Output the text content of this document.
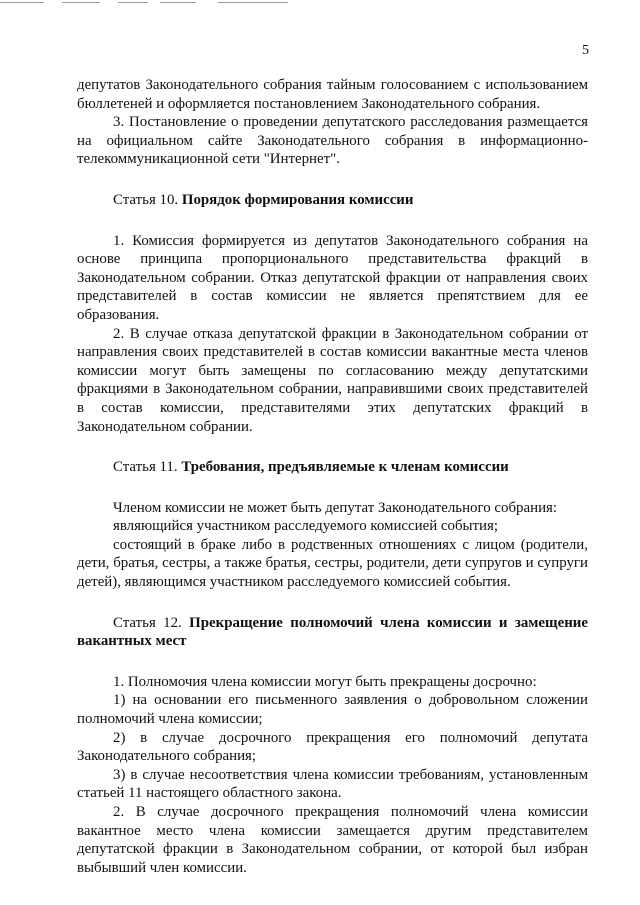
5

депутатов Законодательного собрания тайным голосованием с использованием бюллетеней и оформляется постановлением Законодательного собрания.

3. Постановление о проведении депутатского расследования размещается на официальном сайте Законодательного собрания в информационно-телекоммуникационной сети "Интернет".

Статья 10. Порядок формирования комиссии

1. Комиссия формируется из депутатов Законодательного собрания на основе принципа пропорционального представительства фракций в Законодательном собрании. Отказ депутатской фракции от направления своих представителей в состав комиссии не является препятствием для ее образования.

2. В случае отказа депутатской фракции в Законодательном собрании от направления своих представителей в состав комиссии вакантные места членов комиссии могут быть замещены по согласованию между депутатскими фракциями в Законодательном собрании, направившими своих представителей в состав комиссии, представителями этих депутатских фракций в Законодательном собрании.

Статья 11. Требования, предъявляемые к членам комиссии

Членом комиссии не может быть депутат Законодательного собрания:

являющийся участником расследуемого комиссией события;

состоящий в браке либо в родственных отношениях с лицом (родители, дети, братья, сестры, а также братья, сестры, родители, дети супругов и супруги детей), являющимся участником расследуемого комиссией события.

Статья 12. Прекращение полномочий члена комиссии и замещение вакантных мест

1. Полномочия члена комиссии могут быть прекращены досрочно:

1) на основании его письменного заявления о добровольном сложении полномочий члена комиссии;

2) в случае досрочного прекращения его полномочий депутата Законодательного собрания;

3) в случае несоответствия члена комиссии требованиям, установленным статьей 11 настоящего областного закона.

2. В случае досрочного прекращения полномочий члена комиссии вакантное место члена комиссии замещается другим представителем депутатской фракции в Законодательном собрании, от которой был избран выбывший член комиссии.
